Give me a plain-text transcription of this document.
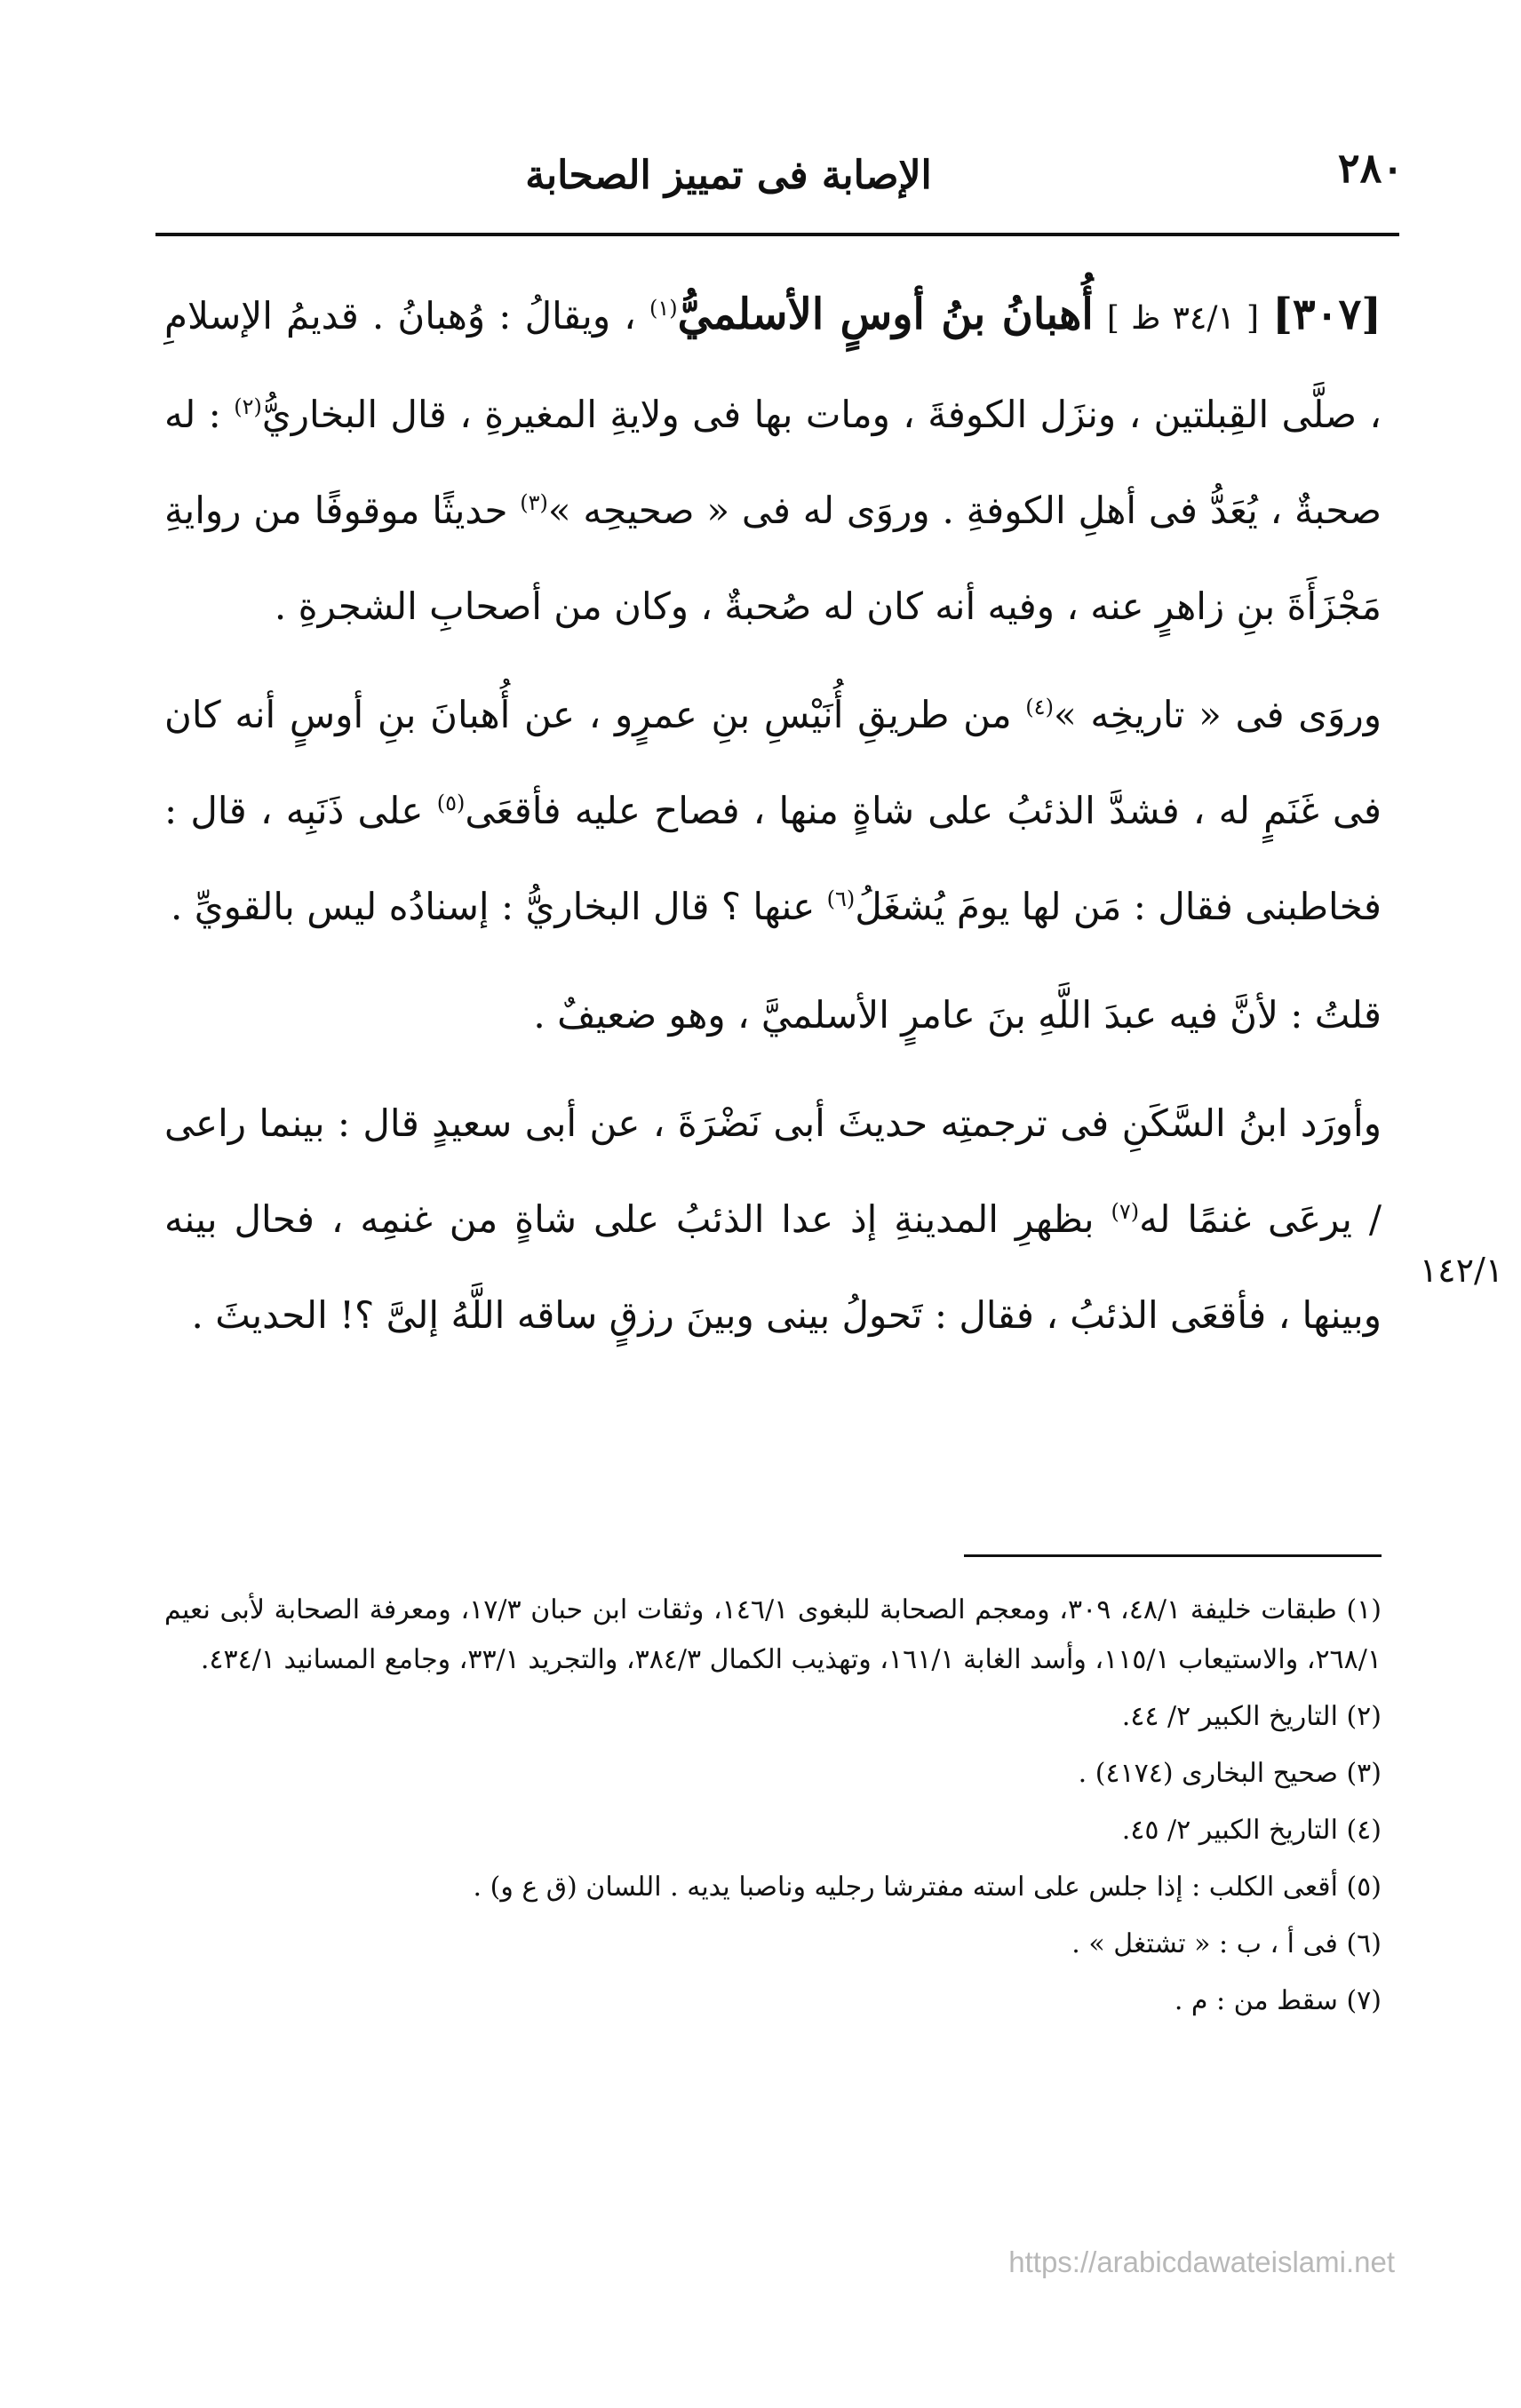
٢٨٠
الإصابة فى تمييز الصحابة

[٣٠٧] [ ٣٤/١ ظ ] أُهبانُ بنُ أوسٍ الأسلميُّ$^{(١)}$ ، ويقالُ : وُهبانُ . قديمُ الإسلامِ ، صلَّى القِبلتين ، ونزَل الكوفةَ ، ومات بها فى ولايةِ المغيرةِ ، قال البخاريُّ$^{(٢)}$ : له صحبةٌ ، يُعَدُّ فى أهلِ الكوفةِ . وروَى له فى « صحيحِه »$^{(٣)}$ حديثًا موقوفًا من روايةِ مَجْزَأَةَ بنِ زاهرٍ عنه ، وفيه أنه كان له صُحبةٌ ، وكان من أصحابِ الشجرةِ .

وروَى فى « تاريخِه »$^{(٤)}$ من طريقِ أُنَيْسِ بنِ عمرٍو ، عن أُهبانَ بنِ أوسٍ أنه كان فى غَنَمٍ له ، فشدَّ الذئبُ على شاةٍ منها ، فصاح عليه فأقعَى$^{(٥)}$ على ذَنَبِه ، قال : فخاطبنى فقال : مَن لها يومَ يُشغَلُ$^{(٦)}$ عنها ؟ قال البخاريُّ : إسنادُه ليس بالقويِّ .

قلتُ : لأنَّ فيه عبدَ اللَّهِ بنَ عامرٍ الأسلميَّ ، وهو ضعيفٌ .

وأورَد ابنُ السَّكَنِ فى ترجمتِه حديثَ أبى نَضْرَةَ ، عن أبى سعيدٍ قال : بينما راعى / يرعَى غنمًا له$^{(٧)}$ بظهرِ المدينةِ إذ عدا الذئبُ على شاةٍ من غنمِه ، فحال بينه وبينها ، فأقعَى الذئبُ ، فقال : تَحولُ بينى وبينَ رزقٍ ساقه اللَّهُ إلىَّ ؟! الحديثَ .

١٤٢/١

(١) طبقات خليفة ٤٨/١، ٣٠٩، ومعجم الصحابة للبغوى ١٤٦/١، وثقات ابن حبان ١٧/٣، ومعرفة الصحابة لأبى نعيم ٢٦٨/١، والاستيعاب ١١٥/١، وأسد الغابة ١٦١/١، وتهذيب الكمال ٣٨٤/٣، والتجريد ٣٣/١، وجامع المسانيد ٤٣٤/١.

(٢) التاريخ الكبير ٢/ ٤٤.

(٣) صحيح البخارى (٤١٧٤) .

(٤) التاريخ الكبير ٢/ ٤٥.

(٥) أقعى الكلب : إذا جلس على استه مفترشا رجليه وناصبا يديه . اللسان (ق ع و) .

(٦) فى أ ، ب : « تشتغل » .

(٧) سقط من : م .

https://arabicdawateislami.net
